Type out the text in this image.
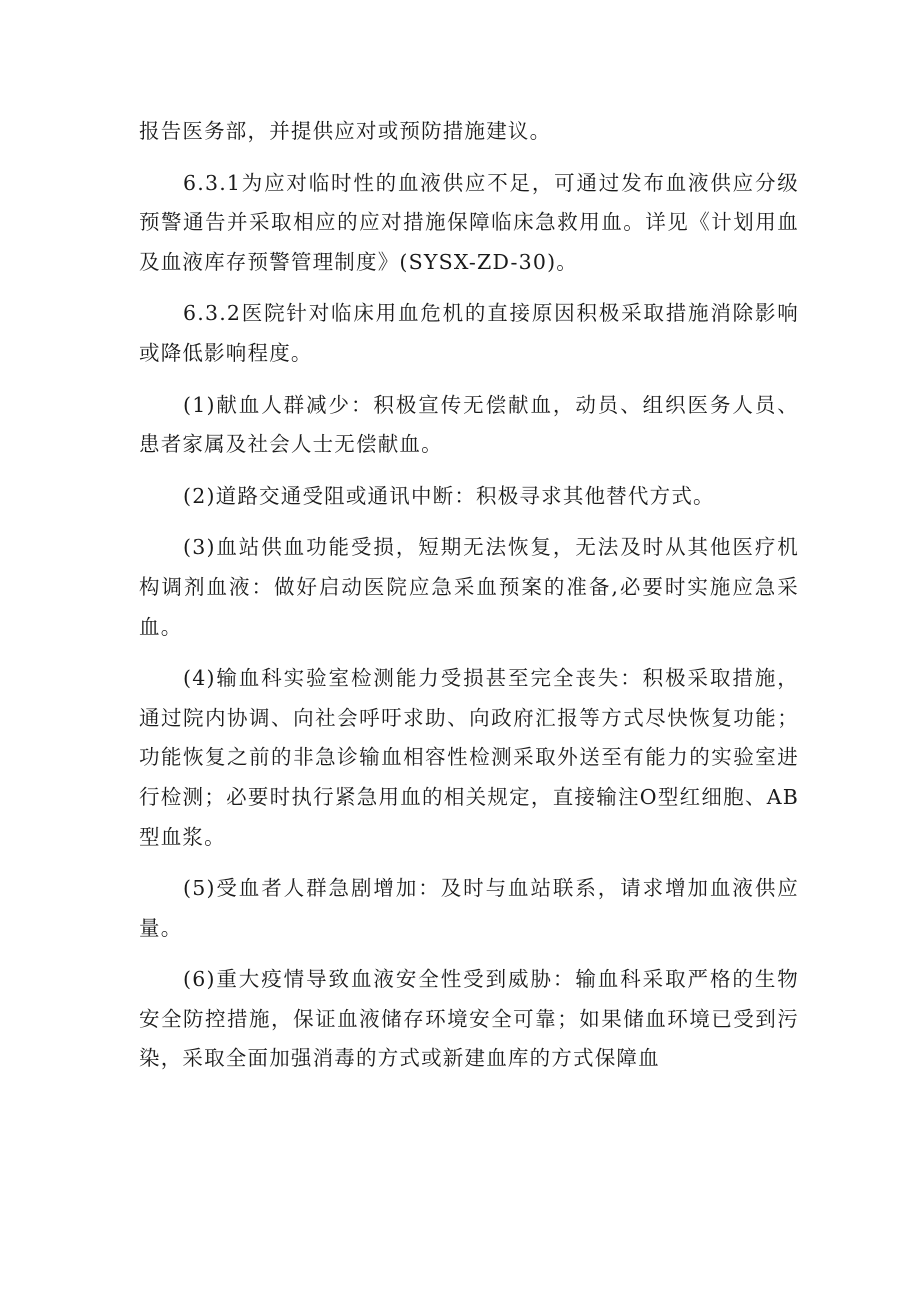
报告医务部，并提供应对或预防措施建议。

6.3.1为应对临时性的血液供应不足，可通过发布血液供应分级预警通告并采取相应的应对措施保障临床急救用血。详见《计划用血及血液库存预警管理制度》(SYSX-ZD-30)。

6.3.2医院针对临床用血危机的直接原因积极采取措施消除影响或降低影响程度。

(1)献血人群减少：积极宣传无偿献血，动员、组织医务人员、患者家属及社会人士无偿献血。

(2)道路交通受阻或通讯中断：积极寻求其他替代方式。

(3)血站供血功能受损，短期无法恢复，无法及时从其他医疗机构调剂血液：做好启动医院应急采血预案的准备,必要时实施应急采血。

(4)输血科实验室检测能力受损甚至完全丧失：积极采取措施，通过院内协调、向社会呼吁求助、向政府汇报等方式尽快恢复功能；功能恢复之前的非急诊输血相容性检测采取外送至有能力的实验室进行检测；必要时执行紧急用血的相关规定，直接输注O型红细胞、AB型血浆。

(5)受血者人群急剧增加：及时与血站联系，请求增加血液供应量。

(6)重大疫情导致血液安全性受到威胁：输血科采取严格的生物安全防控措施，保证血液储存环境安全可靠；如果储血环境已受到污染，采取全面加强消毒的方式或新建血库的方式保障血
